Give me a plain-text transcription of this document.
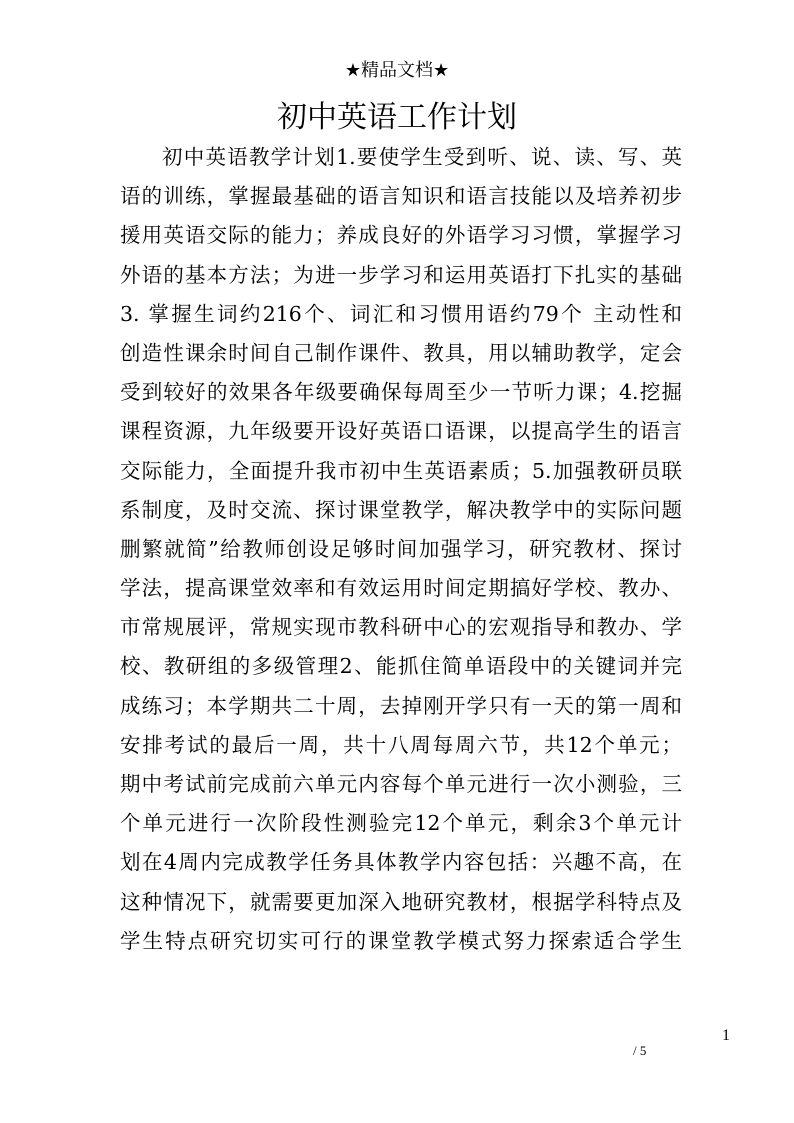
★精品文档★
初中英语工作计划
初中英语教学计划1.要使学生受到听、说、读、写、英
语的训练，掌握最基础的语言知识和语言技能以及培养初步
援用英语交际的能力；养成良好的外语学习习惯，掌握学习
外语的基本方法；为进一步学习和运用英语打下扎实的基础
3. 掌握生词约216个、词汇和习惯用语约79个 主动性和
创造性课余时间自己制作课件、教具，用以辅助教学，定会
受到较好的效果各年级要确保每周至少一节听力课；4.挖掘
课程资源，九年级要开设好英语口语课，以提高学生的语言
交际能力，全面提升我市初中生英语素质；5.加强教研员联
系制度，及时交流、探讨课堂教学，解决教学中的实际问题
删繁就简”给教师创设足够时间加强学习，研究教材、探讨
学法，提高课堂效率和有效运用时间定期搞好学校、教办、
市常规展评，常规实现市教科研中心的宏观指导和教办、学
校、教研组的多级管理2、能抓住简单语段中的关键词并完
成练习；本学期共二十周，去掉刚开学只有一天的第一周和
安排考试的最后一周，共十八周每周六节，共12个单元；
期中考试前完成前六单元内容每个单元进行一次小测验，三
个单元进行一次阶段性测验完12个单元，剩余3个单元计
划在4周内完成教学任务具体教学内容包括：兴趣不高，在
这种情况下，就需要更加深入地研究教材，根据学科特点及
学生特点研究切实可行的课堂教学模式努力探索适合学生
1
/ 5
